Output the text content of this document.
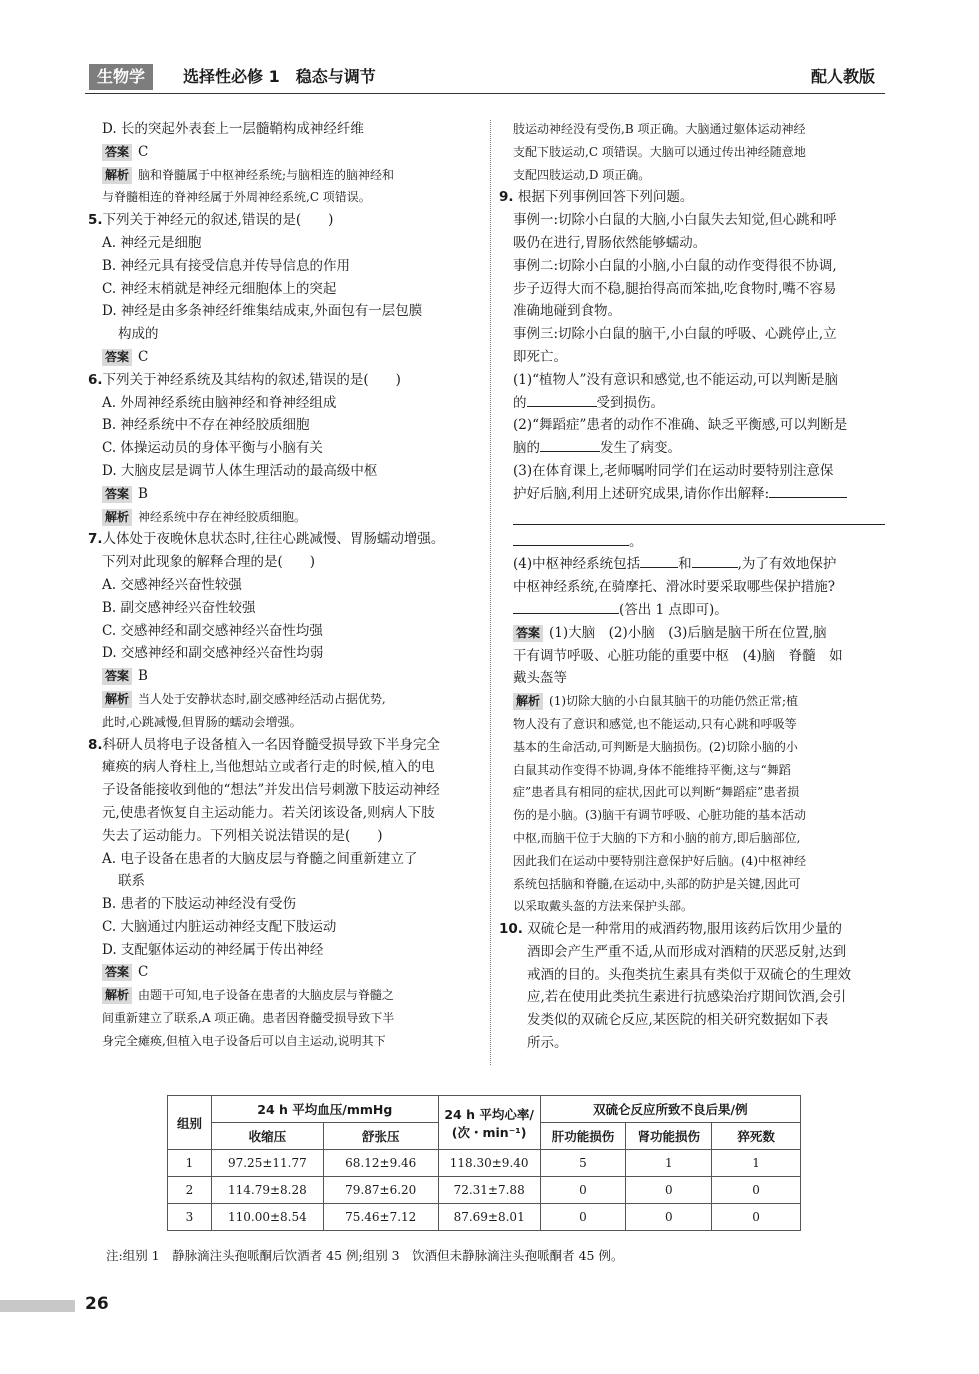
生物学	选择性必修 1　稳态与调节	配人教版
D. 长的突起外表套上一层髓鞘构成神经纤维
答案 C
解析 脑和脊髓属于中枢神经系统;与脑相连的脑神经和
与脊髓相连的脊神经属于外周神经系统,C 项错误。
5.下列关于神经元的叙述,错误的是(　　)
A. 神经元是细胞
B. 神经元具有接受信息并传导信息的作用
C. 神经末梢就是神经元细胞体上的突起
D. 神经是由多条神经纤维集结成束,外面包有一层包膜
构成的
答案 C
6.下列关于神经系统及其结构的叙述,错误的是(　　)
A. 外周神经系统由脑神经和脊神经组成
B. 神经系统中不存在神经胶质细胞
C. 体操运动员的身体平衡与小脑有关
D. 大脑皮层是调节人体生理活动的最高级中枢
答案 B
解析 神经系统中存在神经胶质细胞。
7.人体处于夜晚休息状态时,往往心跳减慢、胃肠蠕动增强。
下列对此现象的解释合理的是(　　)
A. 交感神经兴奋性较强
B. 副交感神经兴奋性较强
C. 交感神经和副交感神经兴奋性均强
D. 交感神经和副交感神经兴奋性均弱
答案 B
解析 当人处于安静状态时,副交感神经活动占据优势,
此时,心跳减慢,但胃肠的蠕动会增强。
8.科研人员将电子设备植入一名因脊髓受损导致下半身完全
瘫痪的病人脊柱上,当他想站立或者行走的时候,植入的电
子设备能接收到他的“想法”并发出信号刺激下肢运动神经
元,使患者恢复自主运动能力。若关闭该设备,则病人下肢
失去了运动能力。下列相关说法错误的是(　　)
A. 电子设备在患者的大脑皮层与脊髓之间重新建立了
联系
B. 患者的下肢运动神经没有受伤
C. 大脑通过内脏运动神经支配下肢运动
D. 支配躯体运动的神经属于传出神经
答案 C
解析 由题干可知,电子设备在患者的大脑皮层与脊髓之
间重新建立了联系,A 项正确。患者因脊髓受损导致下半
身完全瘫痪,但植入电子设备后可以自主运动,说明其下
肢运动神经没有受伤,B 项正确。大脑通过躯体运动神经
支配下肢运动,C 项错误。大脑可以通过传出神经随意地
支配四肢运动,D 项正确。
9. 根据下列事例回答下列问题。
事例一:切除小白鼠的大脑,小白鼠失去知觉,但心跳和呼
吸仍在进行,胃肠依然能够蠕动。
事例二:切除小白鼠的小脑,小白鼠的动作变得很不协调,
步子迈得大而不稳,腿抬得高而笨拙,吃食物时,嘴不容易
准确地碰到食物。
事例三:切除小白鼠的脑干,小白鼠的呼吸、心跳停止,立
即死亡。
(1)“植物人”没有意识和感觉,也不能运动,可以判断是脑
的	受到损伤。
(2)“舞蹈症”患者的动作不准确、缺乏平衡感,可以判断是
脑的	发生了病变。
(3)在体育课上,老师嘱咐同学们在运动时要特别注意保
护好后脑,利用上述研究成果,请你作出解释:
。
(4)中枢神经系统包括	和	,为了有效地保护
中枢神经系统,在骑摩托、滑冰时要采取哪些保护措施?
(答出 1 点即可)。
答案 (1)大脑　(2)小脑　(3)后脑是脑干所在位置,脑
干有调节呼吸、心脏功能的重要中枢　(4)脑　脊髓　如
戴头盔等
解析 (1)切除大脑的小白鼠其脑干的功能仍然正常;植
物人没有了意识和感觉,也不能运动,只有心跳和呼吸等
基本的生命活动,可判断是大脑损伤。(2)切除小脑的小
白鼠其动作变得不协调,身体不能维持平衡,这与“舞蹈
症”患者具有相同的症状,因此可以判断“舞蹈症”患者损
伤的是小脑。(3)脑干有调节呼吸、心脏功能的基本活动
中枢,而脑干位于大脑的下方和小脑的前方,即后脑部位,
因此我们在运动中要特别注意保护好后脑。(4)中枢神经
系统包括脑和脊髓,在运动中,头部的防护是关键,因此可
以采取戴头盔的方法来保护头部。
10. 双硫仑是一种常用的戒酒药物,服用该药后饮用少量的
酒即会产生严重不适,从而形成对酒精的厌恶反射,达到
戒酒的目的。头孢类抗生素具有类似于双硫仑的生理效
应,若在使用此类抗生素进行抗感染治疗期间饮酒,会引
发类似的双硫仑反应,某医院的相关研究数据如下表
所示。
组别	24 h 平均血压/mmHg		24 h 平均心率/
(次・min⁻¹)	双硫仑反应所致不良后果/例		
	收缩压	舒张压		肝功能损伤	肾功能损伤	猝死数
1	97.25±11.77	68.12±9.46	118.30±9.40	5	1	1
2	114.79±8.28	79.87±6.20	72.31±7.88	0	0	0
3	110.00±8.54	75.46±7.12	87.69±8.01	0	0	0
注:组别 1　静脉滴注头孢哌酮后饮酒者 45 例;组别 3　饮酒但未静脉滴注头孢哌酮者 45 例。
26
